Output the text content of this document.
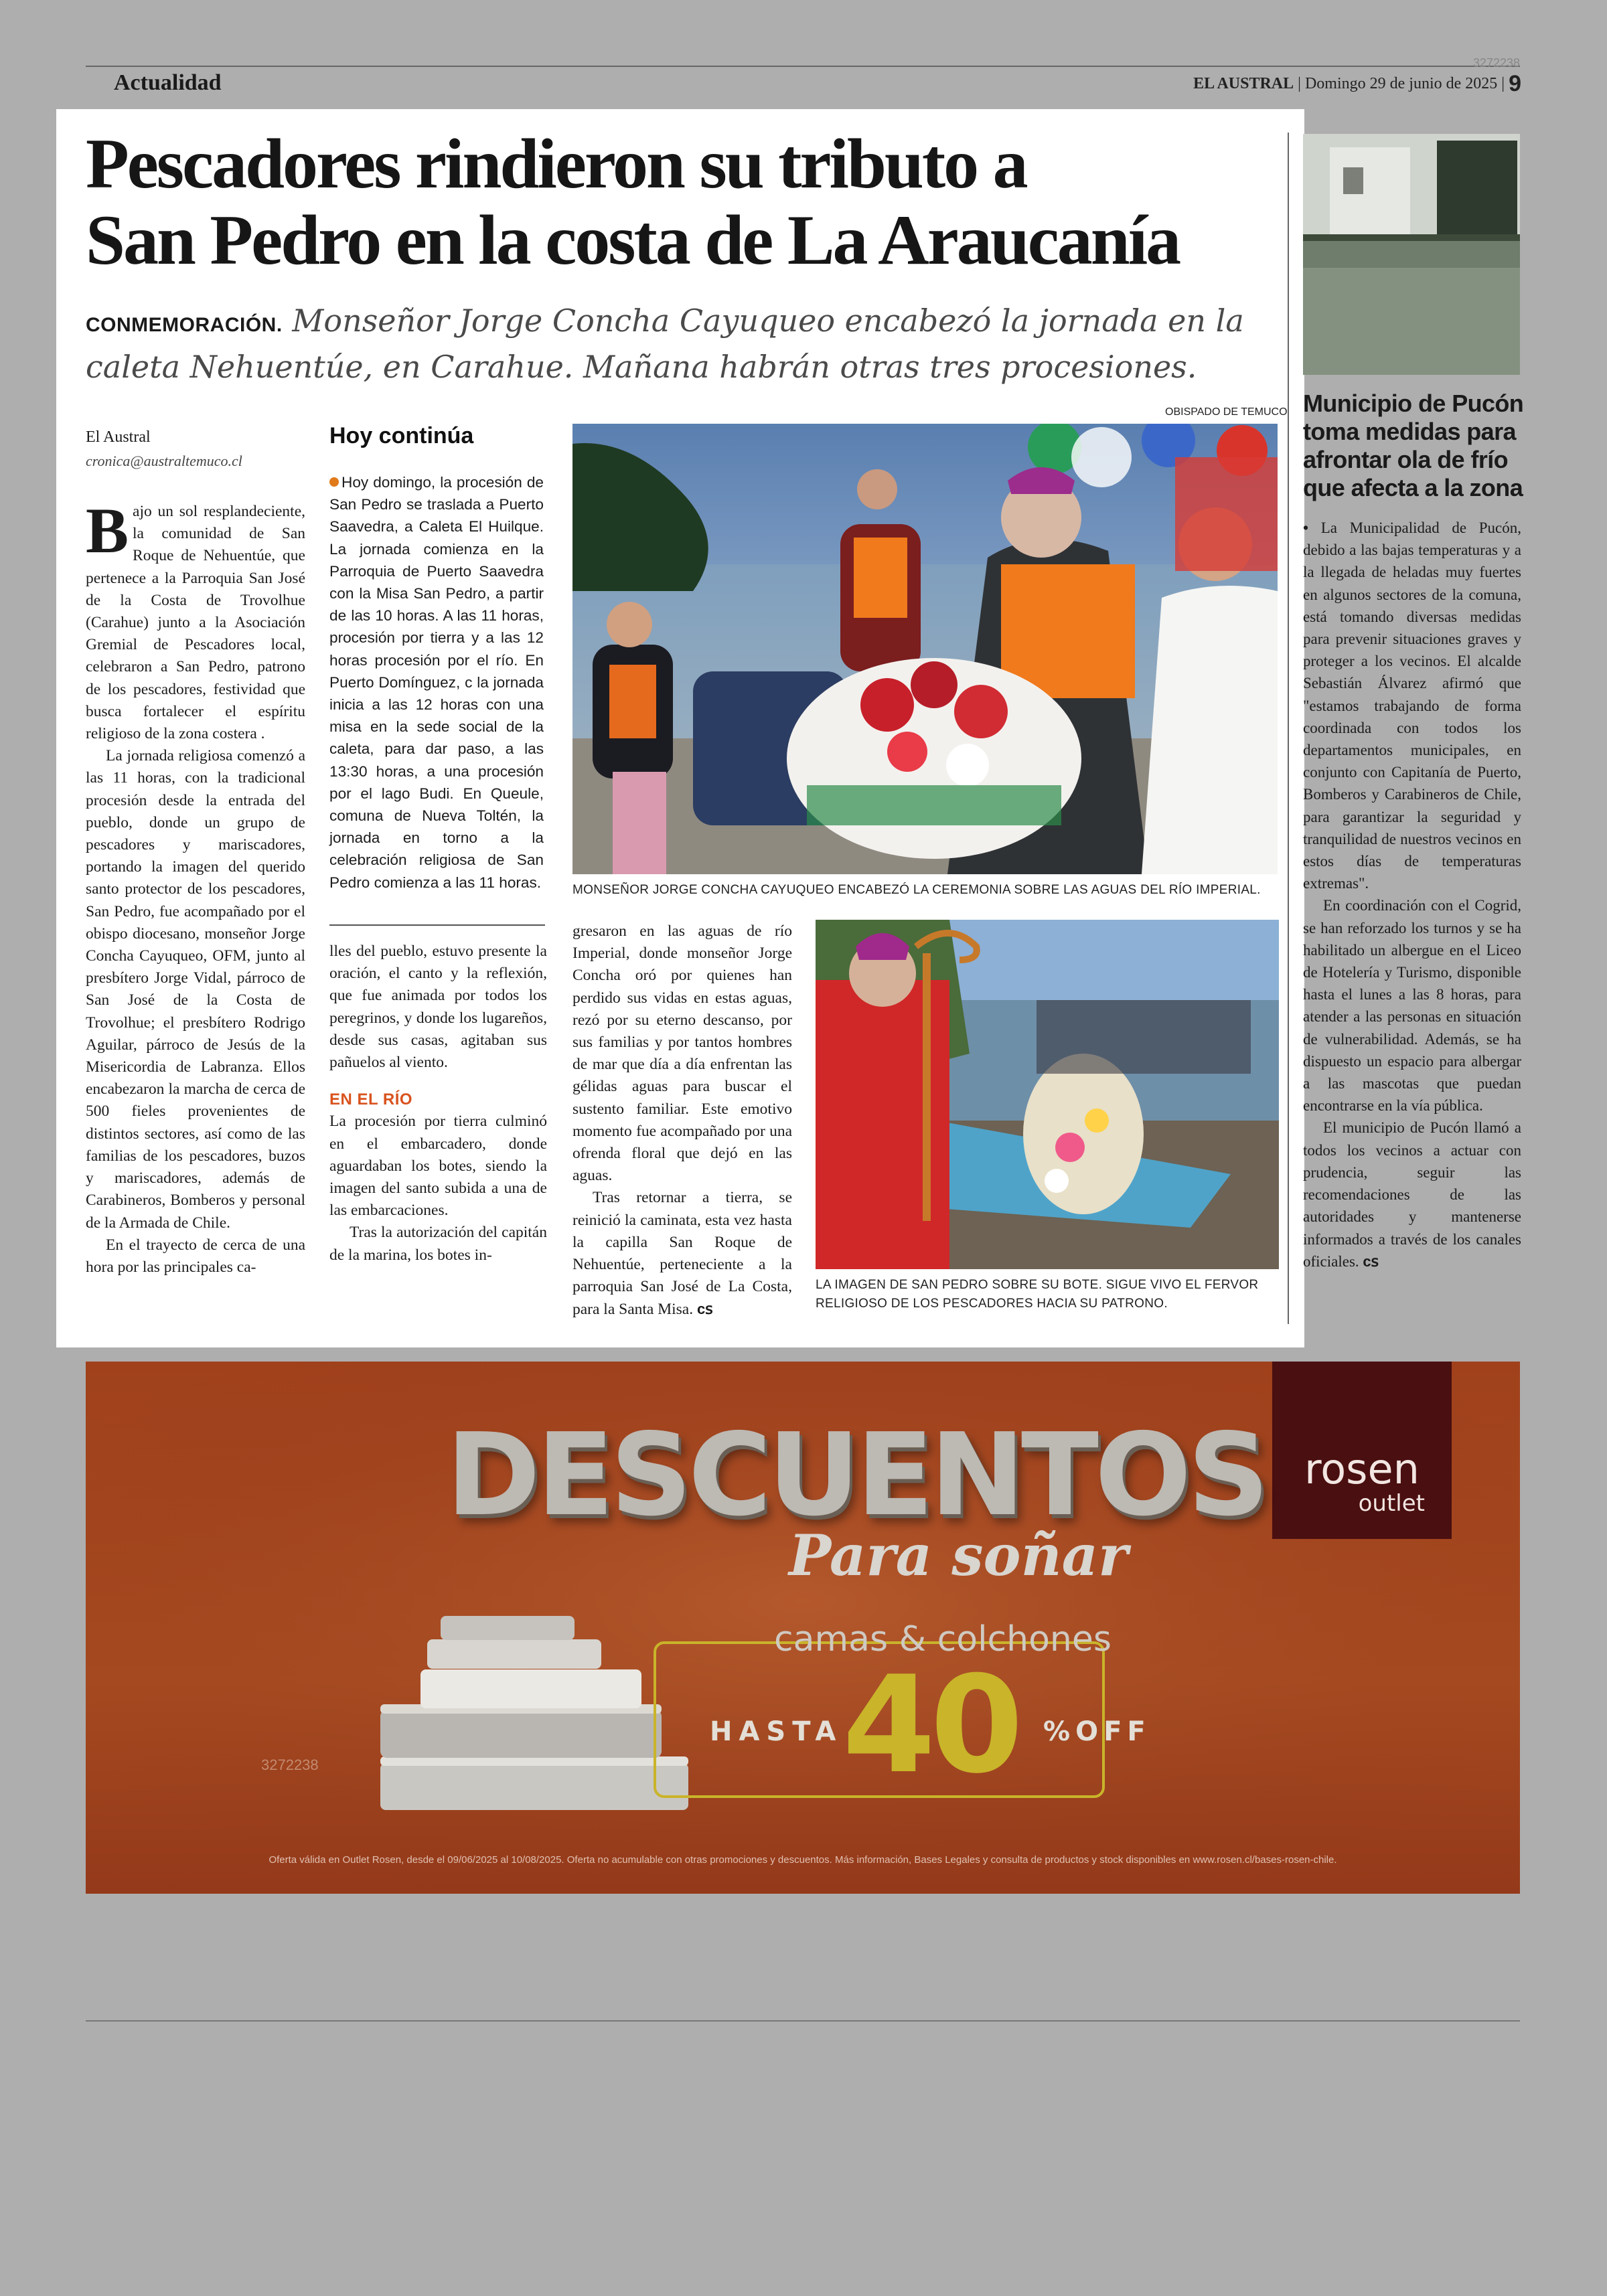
Actualidad
3272238
EL AUSTRAL | Domingo 29 de junio de 2025 | 9
Pescadores rindieron su tributo a
San Pedro en la costa de La Araucanía
CONMEMORACIÓN. Monseñor Jorge Concha Cayuqueo encabezó la jornada en la caleta Nehuentúe, en Carahue. Mañana habrán otras tres procesiones.
OBISPADO DE TEMUCO
El Austral
cronica@australtemuco.cl

Bajo un sol resplandeciente, la comunidad de San Roque de Nehuentúe, que pertenece a la Parroquia San José de la Costa de Trovolhue (Carahue) junto a la Asociación Gremial de Pescadores local, celebraron a San Pedro, patrono de los pescadores, festividad que busca fortalecer el espíritu religioso de la zona costera .

La jornada religiosa comenzó a las 11 horas, con la tradicional procesión desde la entrada del pueblo, donde un grupo de pescadores y mariscadores, portando la imagen del querido santo protector de los pescadores, San Pedro, fue acompañado por el obispo diocesano, monseñor Jorge Concha Cayuqueo, OFM, junto al presbítero Jorge Vidal, párroco de San José de la Costa de Trovolhue; el presbítero Rodrigo Aguilar, párroco de Jesús de la Misericordia de Labranza. Ellos encabezaron la marcha de cerca de 500 fieles provenientes de distintos sectores, así como de las familias de los pescadores, buzos y mariscadores, además de Carabineros, Bomberos y personal de la Armada de Chile.

En el trayecto de cerca de una hora por las principales ca-

Hoy continúa

Hoy domingo, la procesión de San Pedro se traslada a Puerto Saavedra, a Caleta El Huilque. La jornada comienza en la Parroquia de Puerto Saavedra con la Misa San Pedro, a partir de las 10 horas. A las 11 horas, procesión por tierra y a las 12 horas procesión por el río. En Puerto Domínguez, c la jornada inicia a las 12 horas con una misa en la sede social de la caleta, para dar paso, a las 13:30 horas, a una procesión por el lago Budi. En Queule, comuna de Nueva Toltén, la jornada en torno a la celebración religiosa de San Pedro comienza a las 11 horas.

lles del pueblo, estuvo presente la oración, el canto y la reflexión, que fue animada por todos los peregrinos, y donde los lugareños, desde sus casas, agitaban sus pañuelos al viento.

EN EL RÍO

La procesión por tierra culminó en el embarcadero, donde aguardaban los botes, siendo la imagen del santo subida a una de las embarcaciones.

Tras la autorización del capitán de la marina, los botes in-

MONSEÑOR JORGE CONCHA CAYUQUEO ENCABEZÓ LA CEREMONIA SOBRE LAS AGUAS DEL RÍO IMPERIAL.

gresaron en las aguas de río Imperial, donde monseñor Jorge Concha oró por quienes han perdido sus vidas en estas aguas, rezó por su eterno descanso, por sus familias y por tantos hombres de mar que día a día enfrentan las gélidas aguas para buscar el sustento familiar. Este emotivo momento fue acompañado por una ofrenda floral que dejó en las aguas.

Tras retornar a tierra, se reinició la caminata, esta vez hasta la capilla San Roque de Nehuentúe, perteneciente a la parroquia San José de La Costa, para la Santa Misa. ᴄꜱ

LA IMAGEN DE SAN PEDRO SOBRE SU BOTE. SIGUE VIVO EL FERVOR RELIGIOSO DE LOS PESCADORES HACIA SU PATRONO.
Municipio de Pucón toma medidas para afrontar ola de frío que afecta a la zona

• La Municipalidad de Pucón, debido a las bajas temperaturas y a la llegada de heladas muy fuertes en algunos sectores de la comuna, está tomando diversas medidas para prevenir situaciones graves y proteger a los vecinos. El alcalde Sebastián Álvarez afirmó que "estamos trabajando de forma coordinada con todos los departamentos municipales, en conjunto con Capitanía de Puerto, Bomberos y Carabineros de Chile, para garantizar la seguridad y tranquilidad de nuestros vecinos en estos días de temperaturas extremas".

En coordinación con el Cogrid, se han reforzado los turnos y se ha habilitado un albergue en el Liceo de Hotelería y Turismo, disponible hasta el lunes a las 8 horas, para atender a las personas en situación de vulnerabilidad. Además, se ha dispuesto un espacio para albergar a las mascotas que puedan encontrarse en la vía pública.

El municipio de Pucón llamó a todos los vecinos a actuar con prudencia, seguir las recomendaciones de las autoridades y mantenerse informados a través de los canales oficiales. ᴄꜱ

DESCUENTOS
Para soñar
camas & colchones
HASTA 40 %OFF
rosen
outlet
3272238
Oferta válida en Outlet Rosen, desde el 09/06/2025 al 10/08/2025. Oferta no acumulable con otras promociones y descuentos. Más información, Bases Legales y consulta de productos y stock disponibles en www.rosen.cl/bases-rosen-chile.
